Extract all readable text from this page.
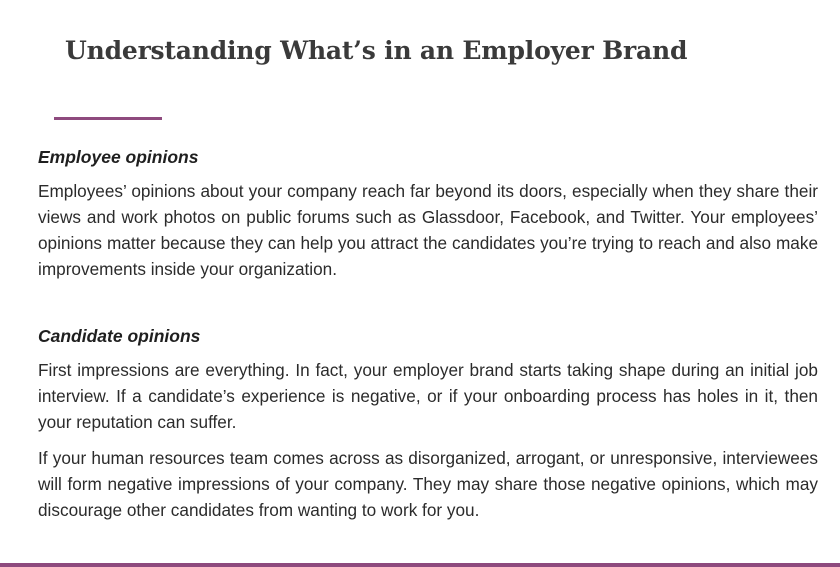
Understanding What’s in an Employer Brand
Employee opinions

Employees’ opinions about your company reach far beyond its doors, especially when they share their views and work photos on public forums such as Glassdoor, Facebook, and Twitter. Your employees’ opinions matter because they can help you attract the candidates you’re trying to reach and also make improvements inside your organization.

Candidate opinions

First impressions are everything. In fact, your employer brand starts taking shape during an initial job interview. If a candidate’s experience is negative, or if your onboarding process has holes in it, then your reputation can suffer.

If your human resources team comes across as disorganized, arrogant, or unresponsive, interviewees will form negative impressions of your company. They may share those negative opinions, which may discourage other candidates from wanting to work for you.
